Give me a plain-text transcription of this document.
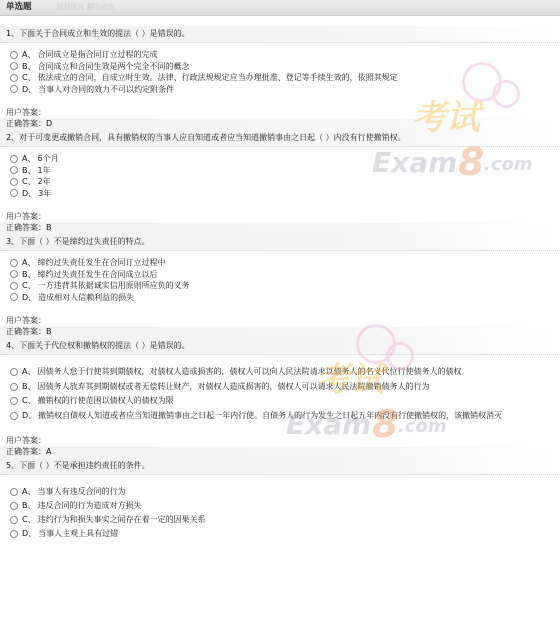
单选题	版权所有 翻印必究
1、下面关于合同成立和生效的提法（ ）是错误的。
A、 合同成立是指合同订立过程的完成
B、 合同成立和合同生效是两个完全不同的概念
C、 依法成立的合同，自成立时生效。法律、行政法规规定应当办理批准、登记等手续生效的，依照其规定
D、 当事人对合同的效力不可以约定附条件
用户答案：
正确答案：D
2、对于可变更或撤销合同，具有撤销权的当事人应自知道或者应当知道撤销事由之日起（ ）内没有行使撤销权。
A、 6个月
B、 1年
C、 2年
D、 3年
用户答案：
正确答案：B
3、下面（ ）不是缔约过失责任的特点。
A、 缔约过失责任发生在合同订立过程中
B、 缔约过失责任发生在合同成立以后
C、 一方违背其依据诚实信用原则所应负的义务
D、 造成相对人信赖利益的损失
用户答案：
正确答案：B
4、下面关于代位权和撤销权的提法（ ）是错误的。
A、 因债务人怠于行使其到期债权，对债权人造成损害的，债权人可以向人民法院请求以债务人的名义代位行使债务人的债权
B、 因债务人放弃其到期债权或者无偿转让财产，对债权人造成损害的，债权人可以请求人民法院撤销债务人的行为
C、 撤销权的行使范围以债权人的债权为限
D、 撤销权自债权人知道或者应当知道撤销事由之日起一年内行使。自债务人的行为发生之日起五年内没有行使撤销权的，该撤销权消灭
用户答案：
正确答案：A
5、下面（ ）不是承担违约责任的条件。
A、 当事人有违反合同的行为
B、 违反合同的行为造成对方损失
C、 违约行为和损失事实之间存在着一定的因果关系
D、 当事人主观上具有过错
考试
Exam 8 .com
考试
Exam 8 .com
